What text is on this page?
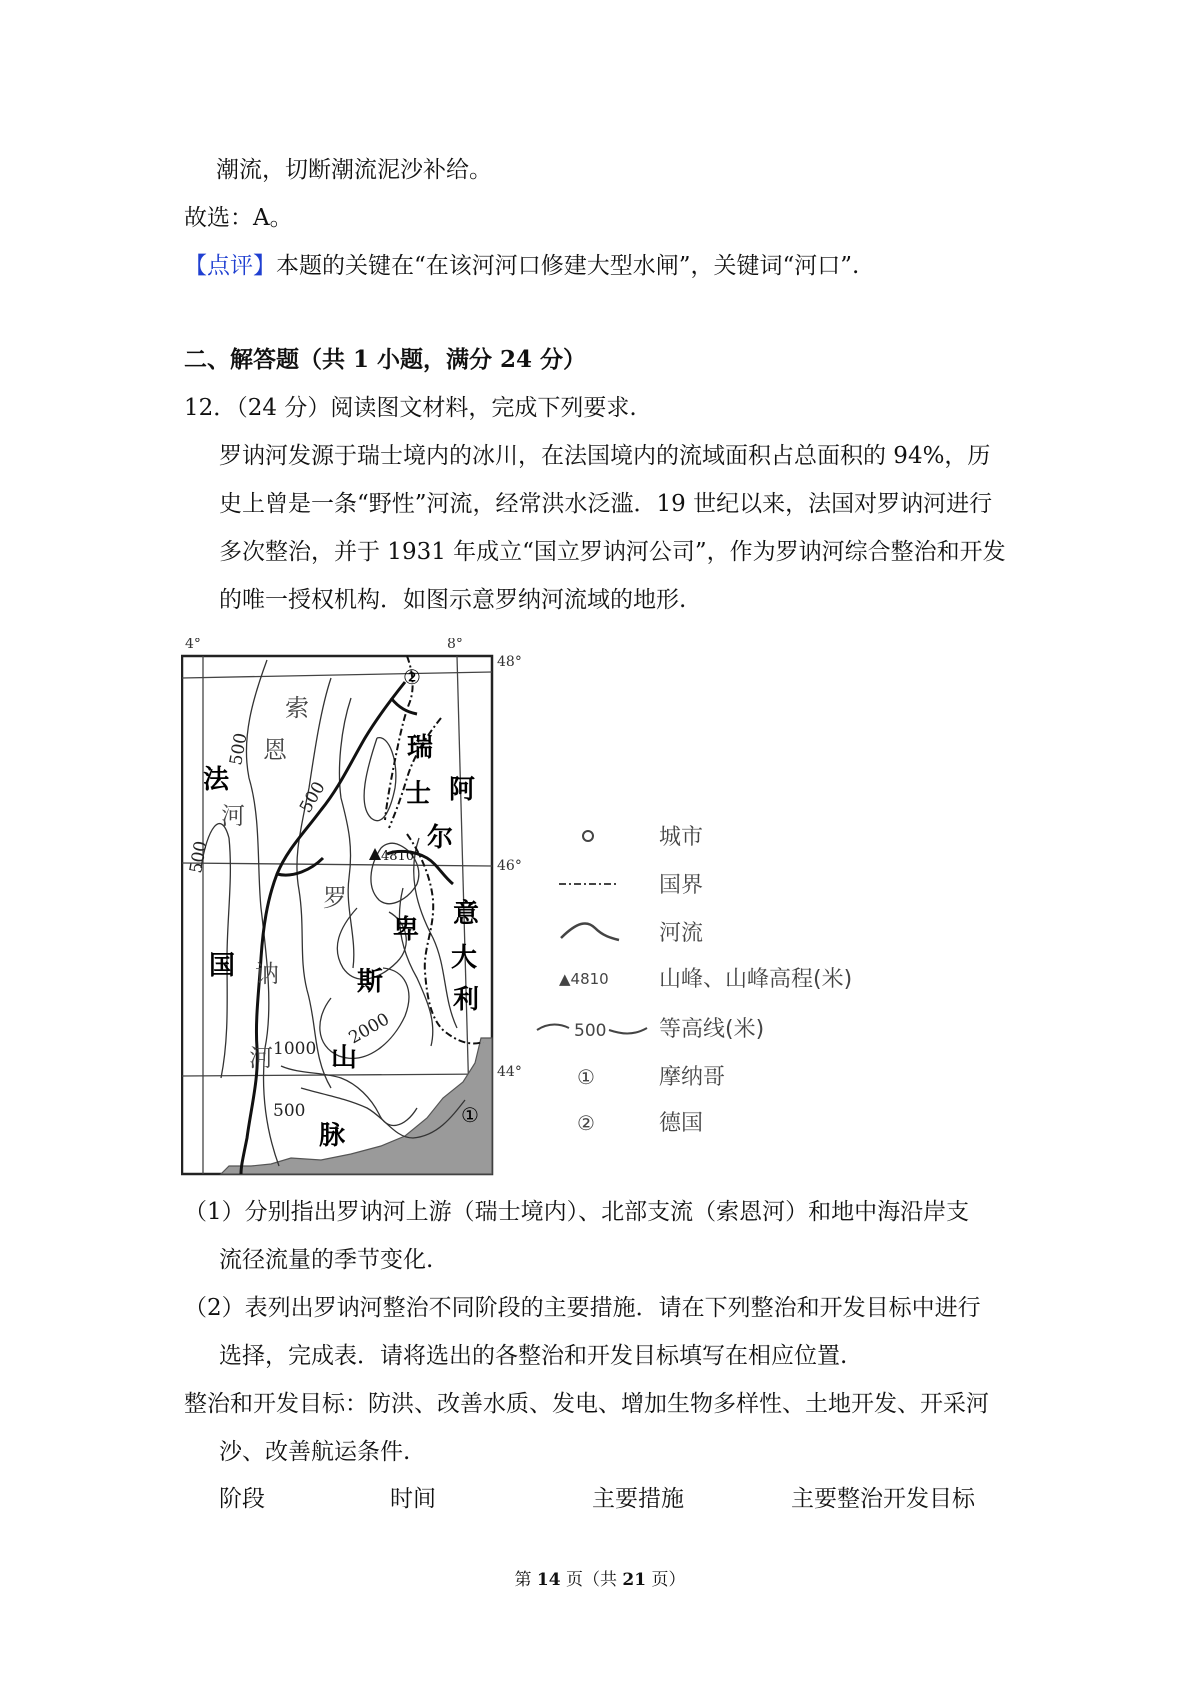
潮流，切断潮流泥沙补给。
故选：A。
【点评】本题的关键在“在该河河口修建大型水闸”，关键词“河口”.
二、解答题（共 1 小题，满分 24 分）
12．（24 分）阅读图文材料，完成下列要求.
罗讷河发源于瑞士境内的冰川，在法国境内的流域面积占总面积的 94%，历
史上曾是一条“野性”河流，经常洪水泛滥．19 世纪以来，法国对罗讷河进行
多次整治，并于 1931 年成立“国立罗讷河公司”，作为罗讷河综合整治和开发
的唯一授权机构．如图示意罗纳河流域的地形.
4°	8°
48°
46°
44°
4810
法
国
索
恩
河
瑞
士 阿
尔
罗
讷
河
卑
斯
山
脉
意
大
利
500
500
500
1000
2000
500
②
①
城市
国界
河流
▲4810 山峰、山峰高程(米)
500 等高线(米)
①	摩纳哥
②	德国
（1）分别指出罗讷河上游（瑞士境内）、北部支流（索恩河）和地中海沿岸支
流径流量的季节变化.
（2）表列出罗讷河整治不同阶段的主要措施．请在下列整治和开发目标中进行
选择，完成表．请将选出的各整治和开发目标填写在相应位置.
整治和开发目标：防洪、改善水质、发电、增加生物多样性、土地开发、开采河
沙、改善航运条件.
阶段	时间	主要措施	主要整治开发目标
第 14 页（共 21 页）
